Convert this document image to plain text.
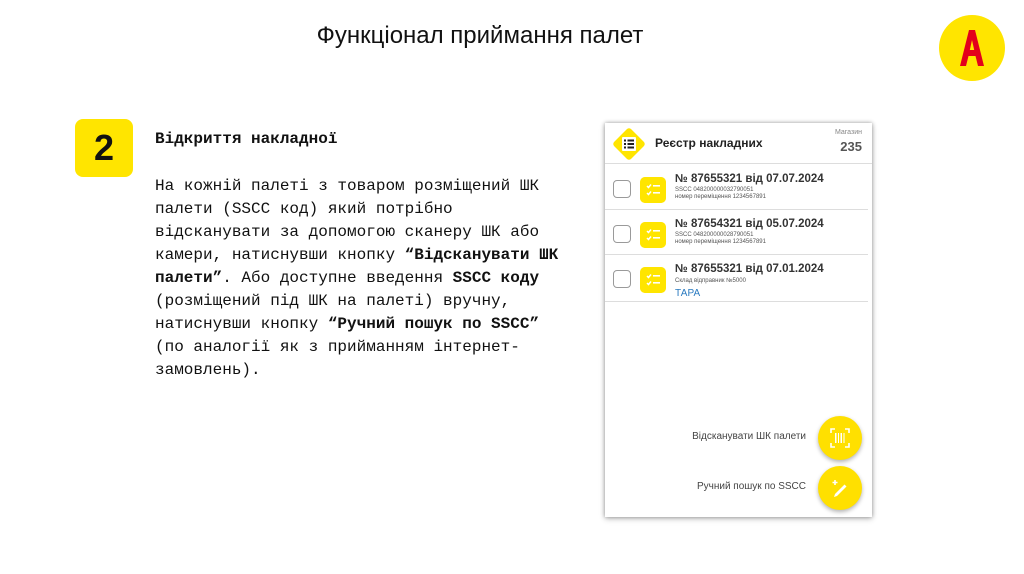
Функціонал приймання палет
2	Відкриття накладної

На кожній палеті з товаром розміщений ШК палети (SSCC код) який потрібно відсканувати за допомогою сканеру ШК або камери, натиснувши кнопку “Відсканувати ШК палети”. Або доступне введення SSCC коду (розміщений під ШК на палеті) вручну, натиснувши кнопку “Ручний пошук по SSCC” (по аналогії як з прийманням інтернет-замовлень).

Реєстр накладних
Магазин
235
№ 87655321 від 07.07.2024
SSCC 048200000032790051
номер переміщення 1234567891
№ 87654321 від 05.07.2024
SSCC 048200000028790051
номер переміщення 1234567891
№ 87655321 від 07.01.2024
Склад відправник №5000
ТАРА
Відсканувати ШК палети
Ручний пошук по SSCC
